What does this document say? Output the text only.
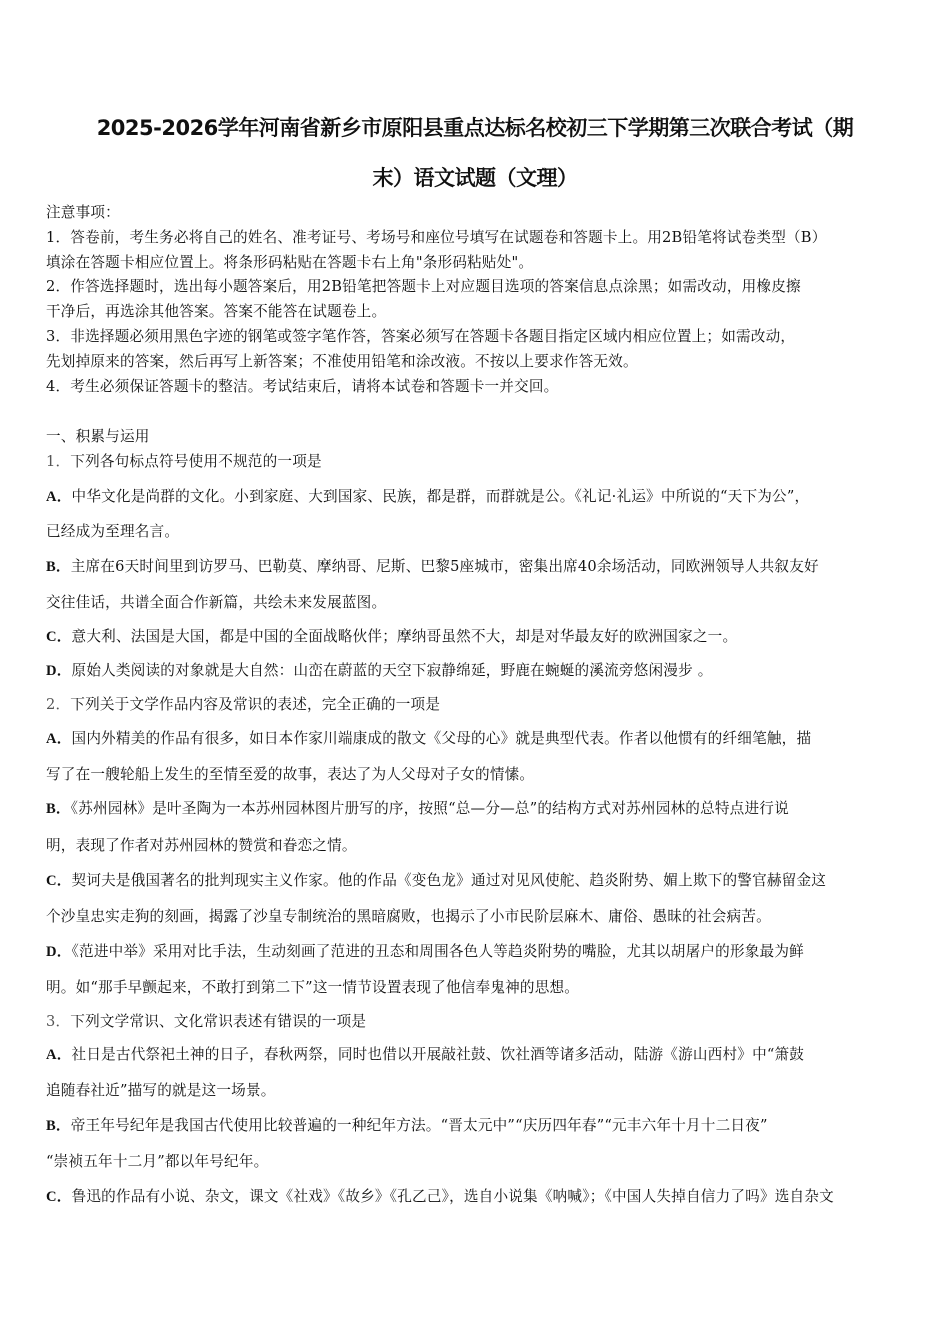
2025-2026学年河南省新乡市原阳县重点达标名校初三下学期第三次联合考试（期
末）语文试题（文理）
注意事项：
1．答卷前，考生务必将自己的姓名、准考证号、考场号和座位号填写在试题卷和答题卡上。用2B铅笔将试卷类型（B）
填涂在答题卡相应位置上。将条形码粘贴在答题卡右上角"条形码粘贴处"。
2．作答选择题时，选出每小题答案后，用2B铅笔把答题卡上对应题目选项的答案信息点涂黑；如需改动，用橡皮擦
干净后，再选涂其他答案。答案不能答在试题卷上。
3．非选择题必须用黑色字迹的钢笔或签字笔作答，答案必须写在答题卡各题目指定区域内相应位置上；如需改动，
先划掉原来的答案，然后再写上新答案；不准使用铅笔和涂改液。不按以上要求作答无效。
4．考生必须保证答题卡的整洁。考试结束后，请将本试卷和答题卡一并交回。
一、积累与运用
1．下列各句标点符号使用不规范的一项是
A．中华文化是尚群的文化。小到家庭、大到国家、民族，都是群，而群就是公。《礼记·礼运》中所说的“天下为公”，
已经成为至理名言。
B．主席在6天时间里到访罗马、巴勒莫、摩纳哥、尼斯、巴黎5座城市，密集出席40余场活动，同欧洲领导人共叙友好
交往佳话，共谱全面合作新篇，共绘未来发展蓝图。
C．意大利、法国是大国，都是中国的全面战略伙伴；摩纳哥虽然不大，却是对华最友好的欧洲国家之一。
D．原始人类阅读的对象就是大自然：山峦在蔚蓝的天空下寂静绵延，野鹿在蜿蜒的溪流旁悠闲漫步 。
2．下列关于文学作品内容及常识的表述，完全正确的一项是
A．国内外精美的作品有很多，如日本作家川端康成的散文《父母的心》就是典型代表。作者以他惯有的纤细笔触，描
写了在一艘轮船上发生的至情至爱的故事，表达了为人父母对子女的情愫。
B．《苏州园林》是叶圣陶为一本苏州园林图片册写的序，按照“总—分—总”的结构方式对苏州园林的总特点进行说
明，表现了作者对苏州园林的赞赏和眷恋之情。
C．契诃夫是俄国著名的批判现实主义作家。他的作品《变色龙》通过对见风使舵、趋炎附势、媚上欺下的警官赫留金这
个沙皇忠实走狗的刻画，揭露了沙皇专制统治的黑暗腐败，也揭示了小市民阶层麻木、庸俗、愚昧的社会病苦。
D．《范进中举》采用对比手法，生动刻画了范进的丑态和周围各色人等趋炎附势的嘴脸，尤其以胡屠户的形象最为鲜
明。如“那手早颤起来，不敢打到第二下”这一情节设置表现了他信奉鬼神的思想。
3．下列文学常识、文化常识表述有错误的一项是
A．社日是古代祭祀土神的日子，春秋两祭，同时也借以开展敲社鼓、饮社酒等诸多活动，陆游《游山西村》中“箫鼓
追随春社近”描写的就是这一场景。
B．帝王年号纪年是我国古代使用比较普遍的一种纪年方法。“晋太元中”“庆历四年春”“元丰六年十月十二日夜”
“崇祯五年十二月”都以年号纪年。
C．鲁迅的作品有小说、杂文，课文《社戏》《故乡》《孔乙己》，选自小说集《呐喊》；《中国人失掉自信力了吗》选自杂文
